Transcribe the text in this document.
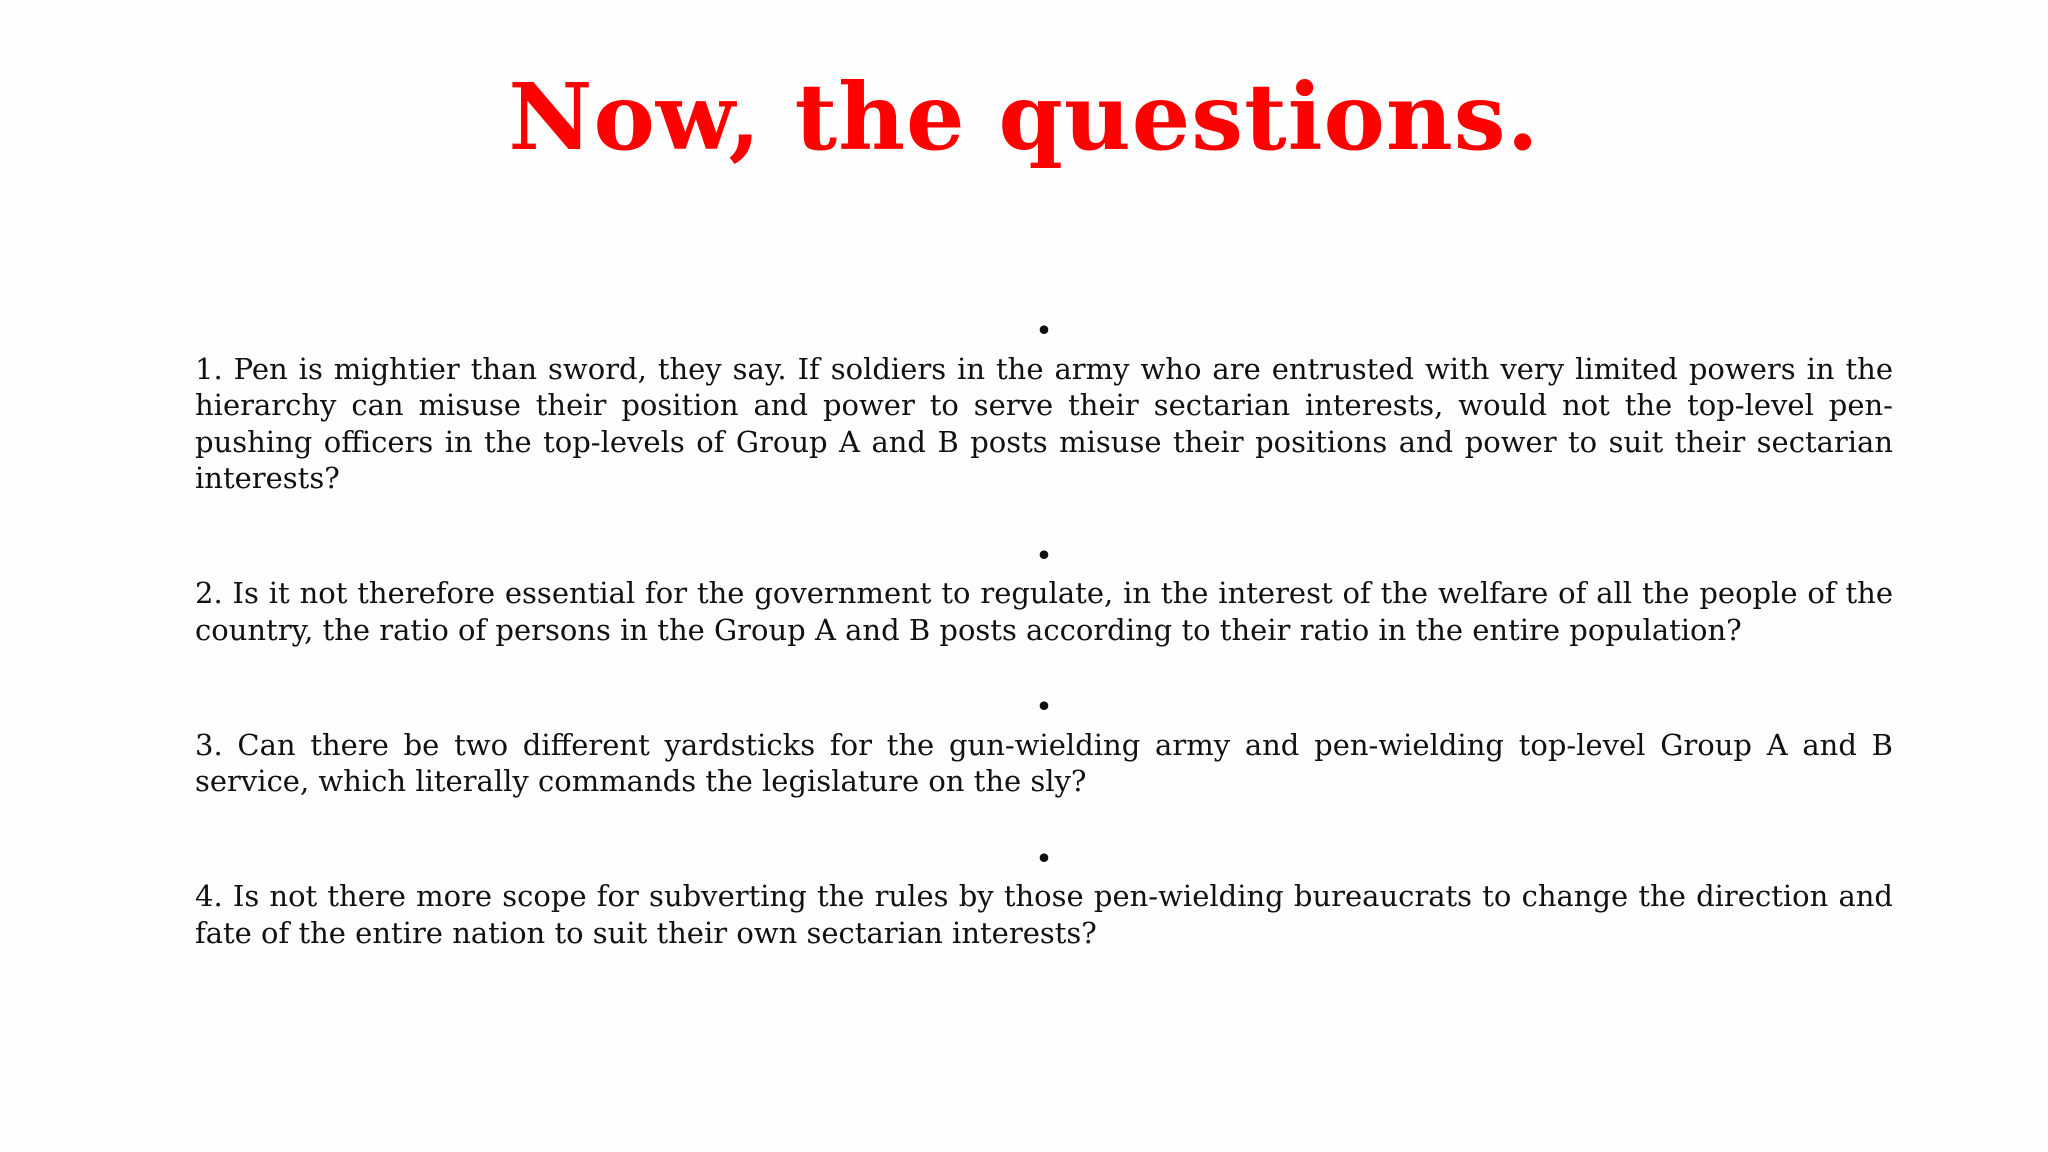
Now, the questions.
•
1. Pen is mightier than sword, they say. If soldiers in the army who are entrusted with very limited powers in the hierarchy can misuse their position and power to serve their sectarian interests, would not the top-level pen-pushing officers in the top-levels of Group A and B posts misuse their positions and power to suit their sectarian interests?
•
2. Is it not therefore essential for the government to regulate, in the interest of the welfare of all the people of the country, the ratio of persons in the Group A and B posts according to their ratio in the entire population?
•
3. Can there be two different yardsticks for the gun-wielding army and pen-wielding top-level Group A and B service, which literally commands the legislature on the sly?
•
4. Is not there more scope for subverting the rules by those pen-wielding bureaucrats to change the direction and fate of the entire nation to suit their own sectarian interests?
